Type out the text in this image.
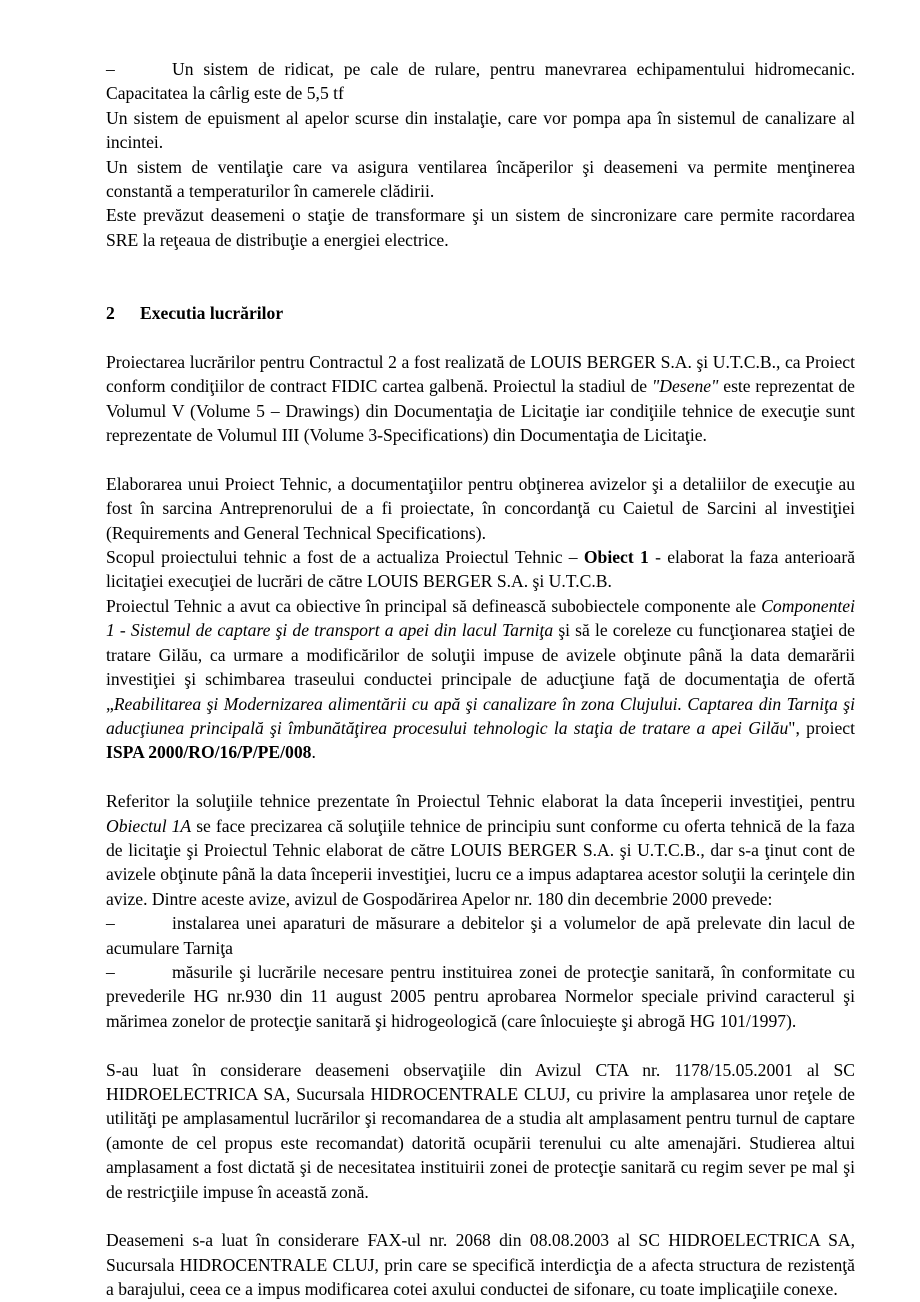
–	Un sistem de ridicat, pe cale de rulare, pentru manevrarea echipamentului hidromecanic. Capacitatea la cârlig este de 5,5 tf

Un sistem de epuisment al apelor scurse din instalaţie, care vor pompa apa în sistemul de canalizare al incintei.

Un sistem de ventilaţie care va asigura ventilarea încăperilor şi deasemeni va permite menţinerea constantă a temperaturilor în camerele clădirii.

Este prevăzut deasemeni o staţie de transformare şi un sistem de sincronizare care permite racordarea SRE la reţeaua de distribuţie a energiei electrice.

2 Executia lucrărilor

Proiectarea lucrărilor pentru Contractul 2 a fost realizată de LOUIS BERGER S.A. şi U.T.C.B., ca Proiect conform condiţiilor de contract FIDIC cartea galbenă. Proiectul la stadiul de "Desene" este reprezentat de Volumul V (Volume 5 – Drawings) din Documentaţia de Licitaţie iar condiţiile tehnice de execuţie sunt reprezentate de Volumul III (Volume 3-Specifications) din Documentaţia de Licitaţie.

Elaborarea unui Proiect Tehnic, a documentaţiilor pentru obţinerea avizelor şi a detaliilor de execuţie au fost în sarcina Antreprenorului de a fi proiectate, în concordanţă cu Caietul de Sarcini al investiţiei (Requirements and General Technical Specifications).

Scopul proiectului tehnic a fost de a actualiza Proiectul Tehnic – Obiect 1 - elaborat la faza anterioară licitaţiei execuţiei de lucrări de către LOUIS BERGER S.A. şi U.T.C.B.

Proiectul Tehnic a avut ca obiective în principal să definească subobiectele componente ale Componentei 1 - Sistemul de captare şi de transport a apei din lacul Tarniţa şi să le coreleze cu funcţionarea staţiei de tratare Gilău, ca urmare a modificărilor de soluţii impuse de avizele obţinute până la data demarării investiţiei şi schimbarea traseului conductei principale de aducţiune faţă de documentaţia de ofertă „Reabilitarea şi Modernizarea alimentării cu apă şi canalizare în zona Clujului. Captarea din Tarniţa şi aducţiunea principală şi îmbunătăţirea procesului tehnologic la staţia de tratare a apei Gilău", proiect ISPA 2000/RO/16/P/PE/008.

Referitor la soluţiile tehnice prezentate în Proiectul Tehnic elaborat la data începerii investiţiei, pentru Obiectul 1A se face precizarea că soluţiile tehnice de principiu sunt conforme cu oferta tehnică de la faza de licitaţie şi Proiectul Tehnic elaborat de către LOUIS BERGER S.A. şi U.T.C.B., dar s-a ţinut cont de avizele obţinute până la data începerii investiţiei, lucru ce a impus adaptarea acestor soluţii la cerinţele din avize. Dintre aceste avize, avizul de Gospodărirea Apelor nr. 180 din decembrie 2000 prevede:

–	instalarea unei aparaturi de măsurare a debitelor şi a volumelor de apă prelevate din lacul de acumulare Tarniţa

–	măsurile şi lucrările necesare pentru instituirea zonei de protecţie sanitară, în conformitate cu prevederile HG nr.930 din 11 august 2005 pentru aprobarea Normelor speciale privind caracterul şi mărimea zonelor de protecţie sanitară şi hidrogeologică (care înlocuieşte şi abrogă HG 101/1997).

S-au luat în considerare deasemeni observaţiile din Avizul CTA nr. 1178/15.05.2001 al SC HIDROELECTRICA SA, Sucursala HIDROCENTRALE CLUJ, cu privire la amplasarea unor reţele de utilităţi pe amplasamentul lucrărilor şi recomandarea de a studia alt amplasament pentru turnul de captare (amonte de cel propus este recomandat) datorită ocupării terenului cu alte amenajări. Studierea altui amplasament a fost dictată şi de necesitatea instituirii zonei de protecţie sanitară cu regim sever pe mal şi de restricţiile impuse în această zonă.

Deasemeni s-a luat în considerare FAX-ul nr. 2068 din 08.08.2003 al SC HIDROELECTRICA SA, Sucursala HIDROCENTRALE CLUJ, prin care se specifică interdicţia de a afecta structura de rezistenţă a barajului, ceea ce a impus modificarea cotei axului conductei de sifonare, cu toate implicaţiile conexe.
